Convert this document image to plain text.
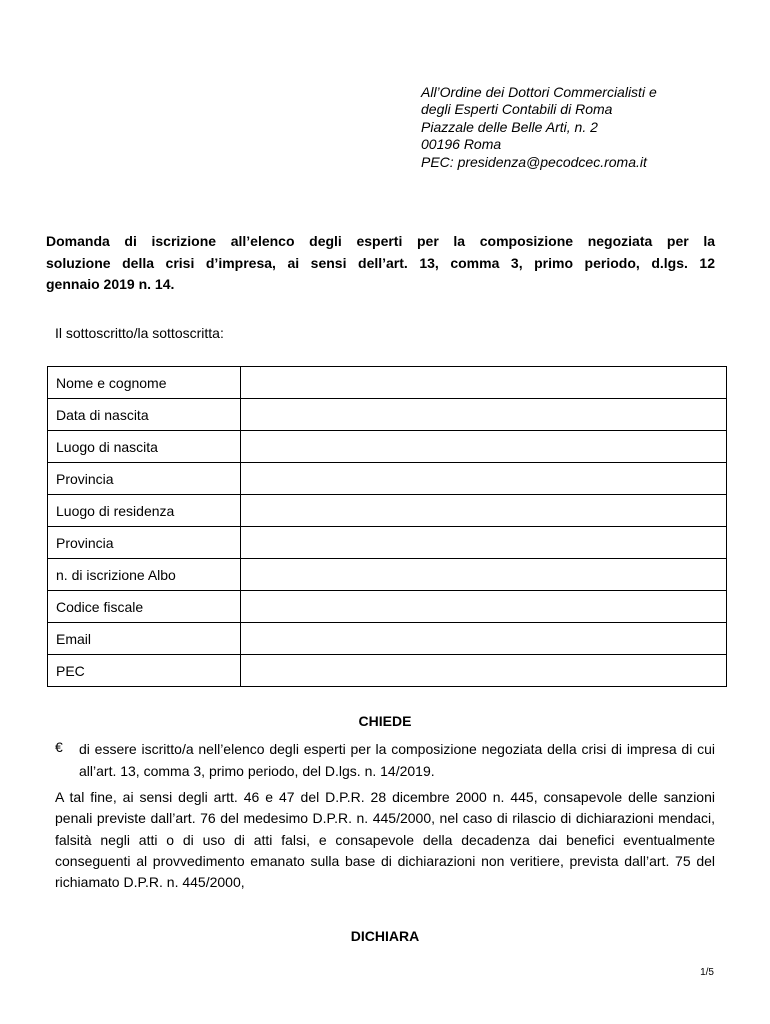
All’Ordine dei Dottori Commercialisti e
degli Esperti Contabili di Roma
Piazzale delle Belle Arti, n. 2
00196 Roma
PEC: presidenza@pecodcec.roma.it
Domanda di iscrizione all’elenco degli esperti per la composizione negoziata per la
soluzione della crisi d’impresa, ai sensi dell’art. 13, comma 3, primo periodo, d.lgs. 12
gennaio 2019 n. 14.
Il sottoscritto/la sottoscritta:
Nome e cognome	
Data di nascita	
Luogo di nascita	
Provincia	
Luogo di residenza	
Provincia	
n. di iscrizione Albo	
Codice fiscale	
Email	
PEC	
CHIEDE
€ di essere iscritto/a nell’elenco degli esperti per la composizione negoziata della crisi di impresa di cui all’art. 13, comma 3, primo periodo, del D.lgs. n. 14/2019.
A tal fine, ai sensi degli artt. 46 e 47 del D.P.R. 28 dicembre 2000 n. 445, consapevole delle sanzioni penali previste dall’art. 76 del medesimo D.P.R. n. 445/2000, nel caso di rilascio di dichiarazioni mendaci, falsità negli atti o di uso di atti falsi, e consapevole della decadenza dai benefici eventualmente conseguenti al provvedimento emanato sulla base di dichiarazioni non veritiere, prevista dall’art. 75 del richiamato D.P.R. n. 445/2000,
DICHIARA
1/5
